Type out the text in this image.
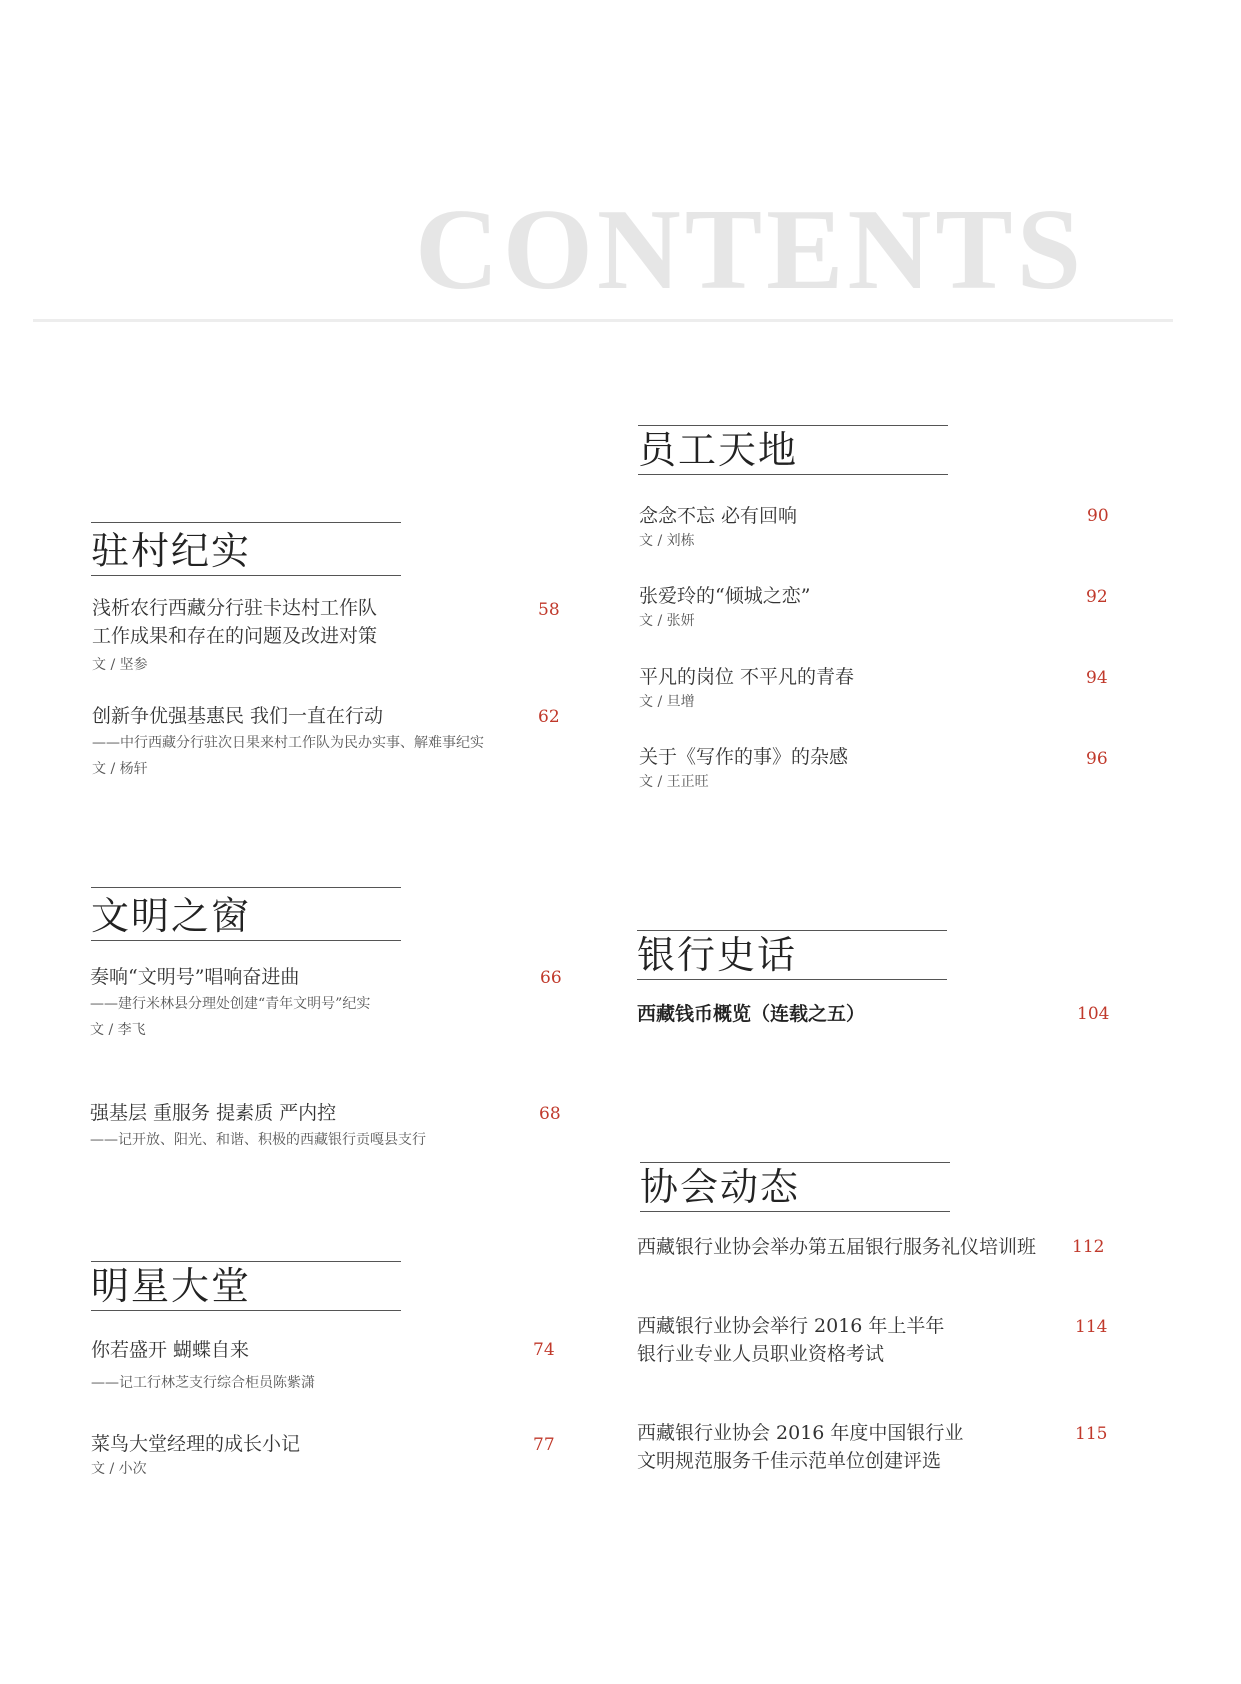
CONTENTS
驻村纪实
浅析农行西藏分行驻卡达村工作队
工作成果和存在的问题及改进对策
文 / 坚参
58
创新争优强基惠民 我们一直在行动
——中行西藏分行驻次日果来村工作队为民办实事、解难事纪实
文 / 杨轩
62
文明之窗
奏响“文明号”唱响奋进曲
——建行米林县分理处创建“青年文明号”纪实
文 / 李飞
66
强基层 重服务 提素质 严内控
——记开放、阳光、和谐、积极的西藏银行贡嘎县支行
68
明星大堂
你若盛开 蝴蝶自来
——记工行林芝支行综合柜员陈紫潇
74
菜鸟大堂经理的成长小记
文 / 小次
77
员工天地
念念不忘 必有回响
文 / 刘栋
90
张爱玲的“倾城之恋”
文 / 张妍
92
平凡的岗位 不平凡的青春
文 / 旦增
94
关于《写作的事》的杂感
文 / 王正旺
96
银行史话
西藏钱币概览（连载之五）	104
协会动态
西藏银行业协会举办第五届银行服务礼仪培训班 112
西藏银行业协会举行 2016 年上半年
银行业专业人员职业资格考试
114
西藏银行业协会 2016 年度中国银行业
文明规范服务千佳示范单位创建评选
115
